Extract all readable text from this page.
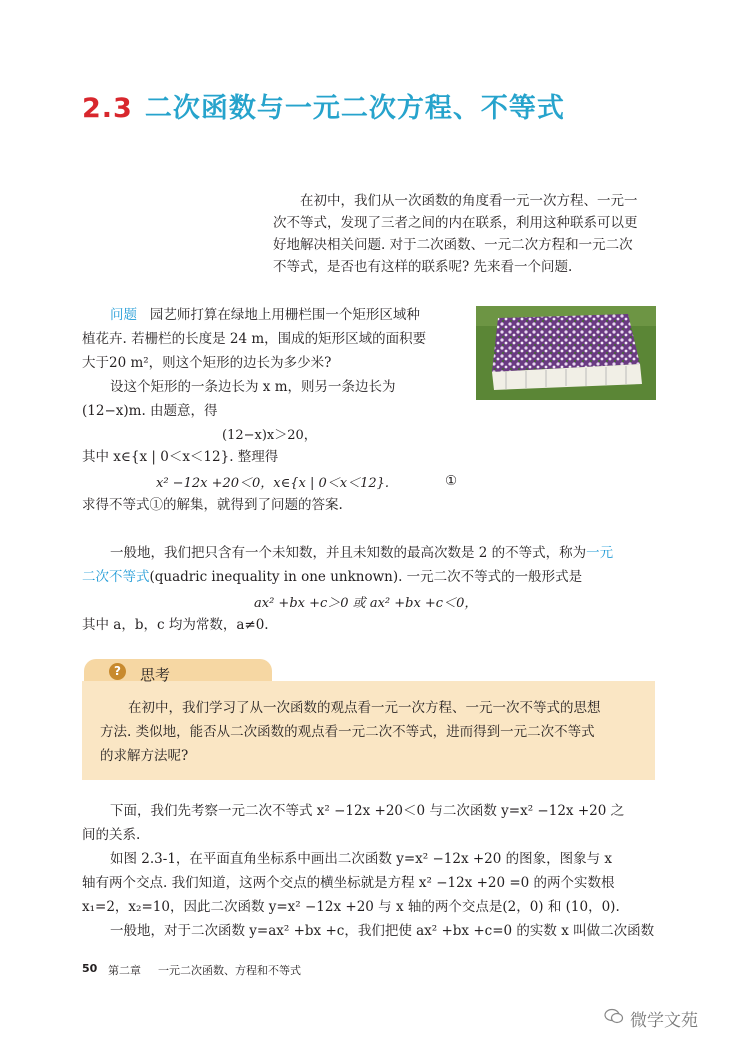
2.3 二次函数与一元二次方程、不等式
在初中，我们从一次函数的角度看一元一次方程、一元一
次不等式，发现了三者之间的内在联系，利用这种联系可以更
好地解决相关问题. 对于二次函数、一元二次方程和一元二次
不等式，是否也有这样的联系呢? 先来看一个问题.
问题 园艺师打算在绿地上用栅栏围一个矩形区域种
植花卉. 若栅栏的长度是 24 m，围成的矩形区域的面积要
大于20 m²，则这个矩形的边长为多少米?
设这个矩形的一条边长为 x m，则另一条边长为
(12−x)m. 由题意，得
(12−x)x＞20，
其中 x∈{x | 0＜x＜12}. 整理得
x² −12x +20＜0，x∈{x | 0＜x＜12}.	①
求得不等式①的解集，就得到了问题的答案.
一般地，我们把只含有一个未知数，并且未知数的最高次数是 2 的不等式，称为一元
二次不等式(quadric inequality in one unknown). 一元二次不等式的一般形式是
ax² +bx +c＞0 或 ax² +bx +c＜0，
其中 a，b，c 均为常数，a≠0.
?	思考
在初中，我们学习了从一次函数的观点看一元一次方程、一元一次不等式的思想
方法. 类似地，能否从二次函数的观点看一元二次不等式，进而得到一元二次不等式
的求解方法呢?
下面，我们先考察一元二次不等式 x² −12x +20＜0 与二次函数 y=x² −12x +20 之
间的关系.
如图 2.3-1，在平面直角坐标系中画出二次函数 y=x² −12x +20 的图象，图象与 x
轴有两个交点. 我们知道，这两个交点的横坐标就是方程 x² −12x +20 =0 的两个实数根
x₁=2，x₂=10，因此二次函数 y=x² −12x +20 与 x 轴的两个交点是(2，0) 和 (10，0).
一般地，对于二次函数 y=ax² +bx +c，我们把使 ax² +bx +c=0 的实数 x 叫做二次函数
50 第二章 一元二次函数、方程和不等式
微学文苑
